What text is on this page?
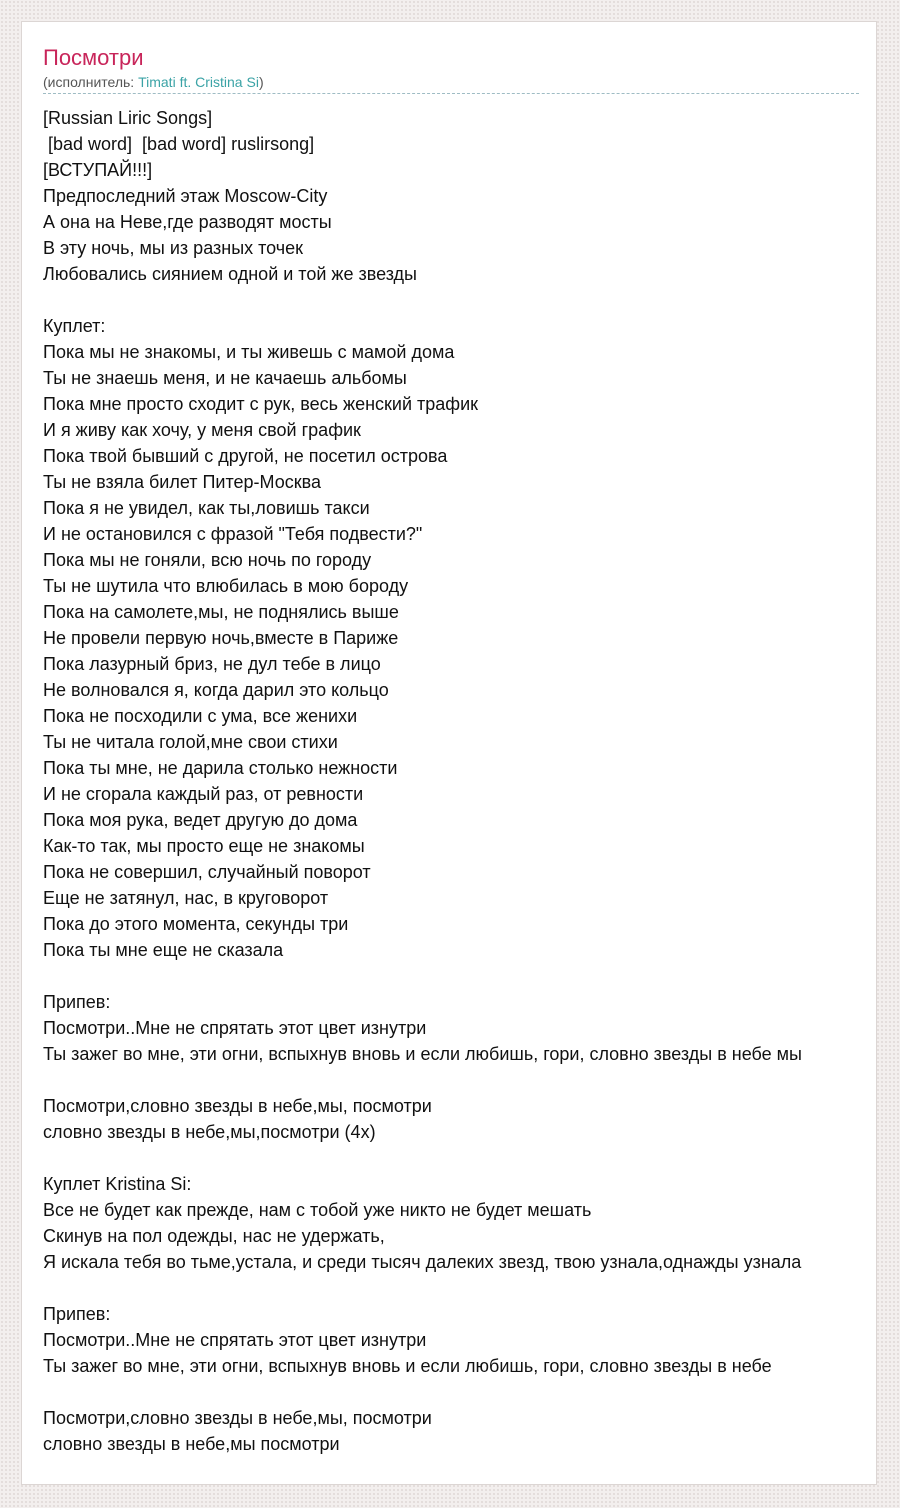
Посмотри
(исполнитель: Timati ft. Cristina Si)
[Russian Liric Songs]
[bad word]  [bad word] ruslirsong]
[ВСТУПАЙ!!!]
Предпоследний этаж Moscow-City
А она на Неве,где разводят мосты
В эту ночь, мы из разных точек
Любовались сиянием одной и той же звезды
Куплет:
Пока мы не знакомы, и ты живешь с мамой дома
Ты не знаешь меня, и не качаешь альбомы
Пока мне просто сходит с рук, весь женский трафик
И я живу как хочу, у меня свой график
Пока твой бывший с другой, не посетил острова
Ты не взяла билет Питер-Москва
Пока я не увидел, как ты,ловишь такси
И не остановился с фразой "Тебя подвести?"
Пока мы не гоняли, всю ночь по городу
Ты не шутила что влюбилась в мою бороду
Пока на самолете,мы, не поднялись выше
Не провели первую ночь,вместе в Париже
Пока лазурный бриз, не дул тебе в лицо
Не волновался я, когда дарил это кольцо
Пока не посходили с ума, все женихи
Ты не читала голой,мне свои стихи
Пока ты мне, не дарила столько нежности
И не сгорала каждый раз, от ревности
Пока моя рука, ведет другую до дома
Как-то так, мы просто еще не знакомы
Пока не совершил, случайный поворот
Еще не затянул, нас, в круговорот
Пока до этого момента, секунды три
Пока ты мне еще не сказала
Припев:
Посмотри..Мне не спрятать этот цвет изнутри
Ты зажег во мне, эти огни, вспыхнув вновь и если любишь, гори, словно звезды в небе мы
Посмотри,словно звезды в небе,мы, посмотри
словно звезды в небе,мы,посмотри (4x)
Куплет Kristina Si:
Все не будет как прежде, нам с тобой уже никто не будет мешать
Скинув на пол одежды, нас не удержать,
Я искала тебя во тьме,устала, и среди тысяч далеких звезд, твою узнала,однажды узнала
Припев:
Посмотри..Мне не спрятать этот цвет изнутри
Ты зажег во мне, эти огни, вспыхнув вновь и если любишь, гори, словно звезды в небе
Посмотри,словно звезды в небе,мы, посмотри
словно звезды в небе,мы посмотри
